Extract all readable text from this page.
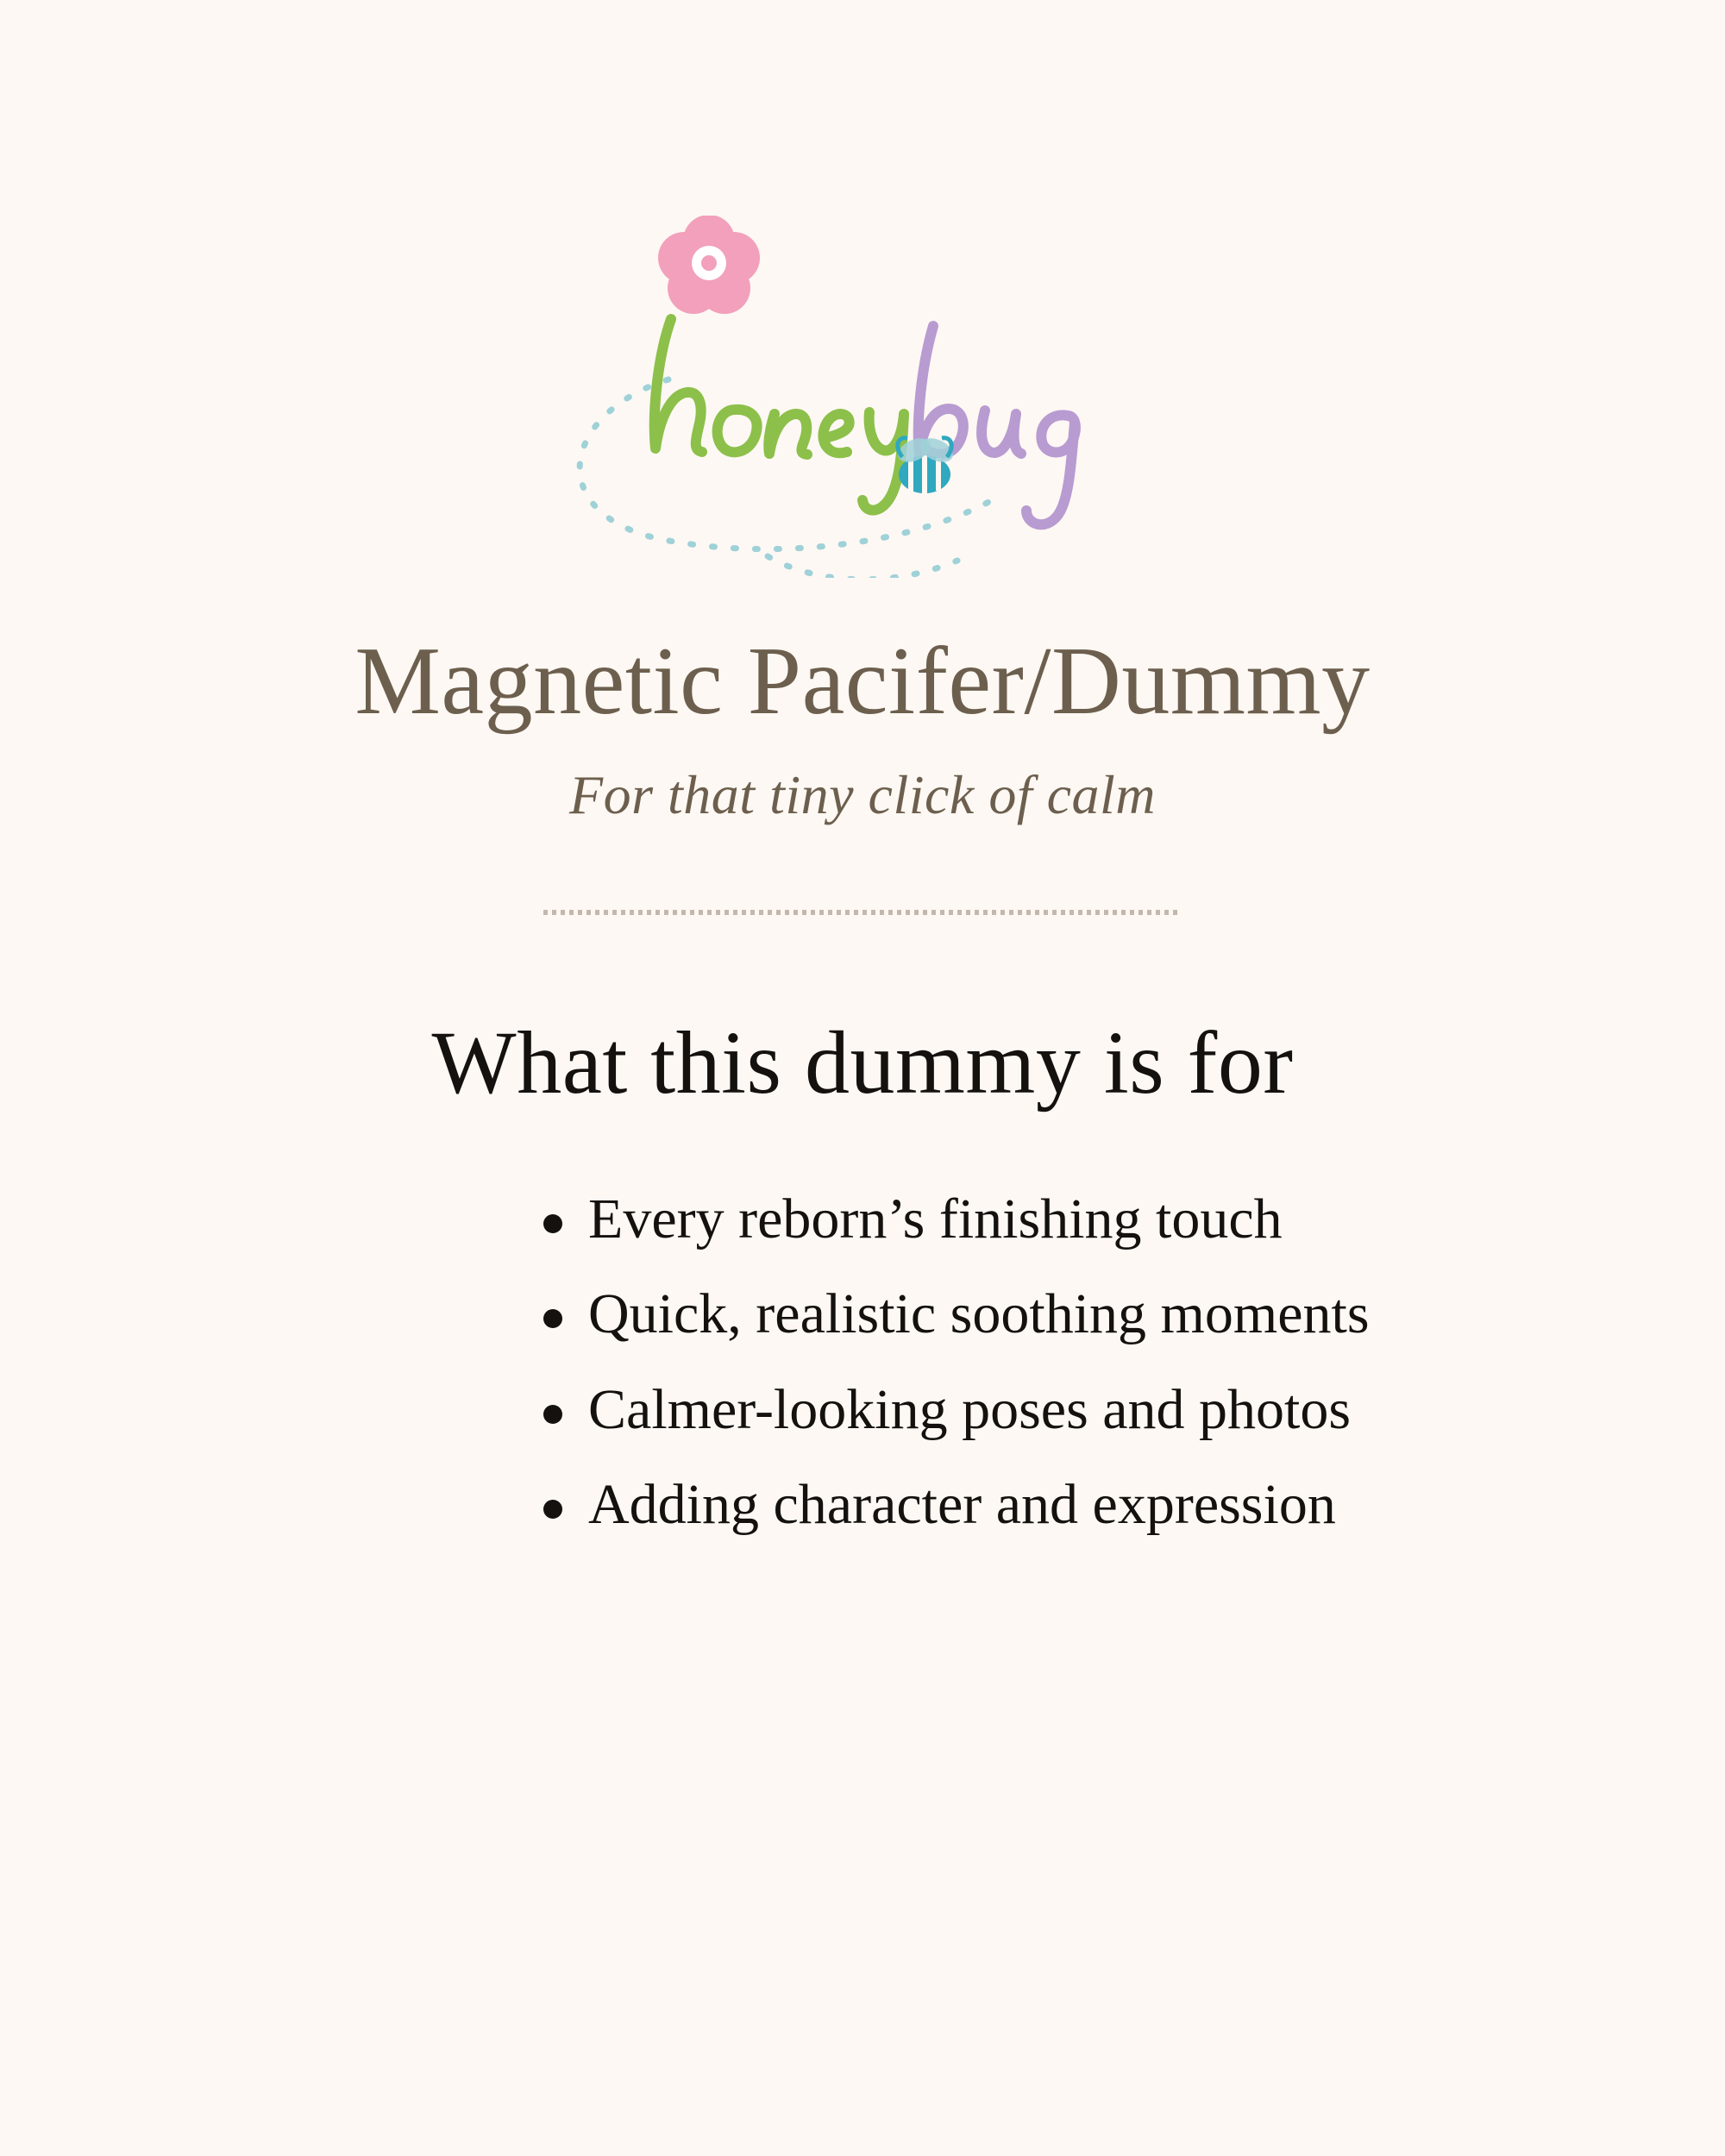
Magnetic Pacifer/Dummy
For that tiny click of calm
What this dummy is for
Every reborn’s finishing touch
Quick, realistic soothing moments
Calmer-looking poses and photos
Adding character and expression
